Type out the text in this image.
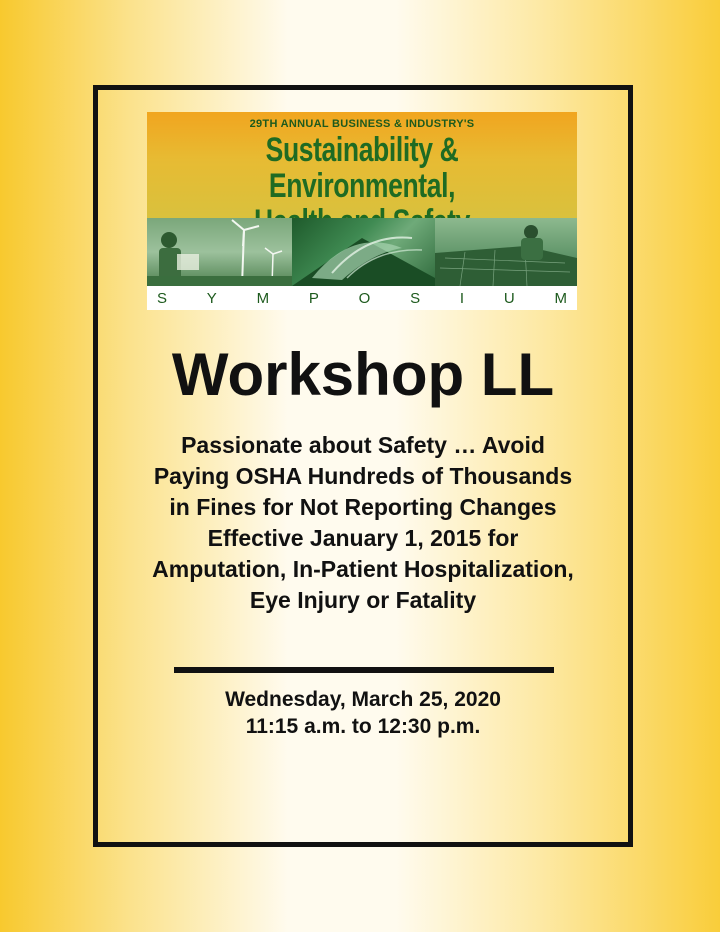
29TH ANNUAL BUSINESS & INDUSTRY'S
Sustainability & Environmental,
S	Y	M	P	O	S	I	U	M
Workshop LL
Passionate about Safety … Avoid
Paying OSHA Hundreds of Thousands
in Fines for Not Reporting Changes
Effective January 1, 2015 for
Amputation, In-Patient Hospitalization,
Eye Injury or Fatality
Wednesday, March 25, 2020
11:15 a.m. to 12:30 p.m.
